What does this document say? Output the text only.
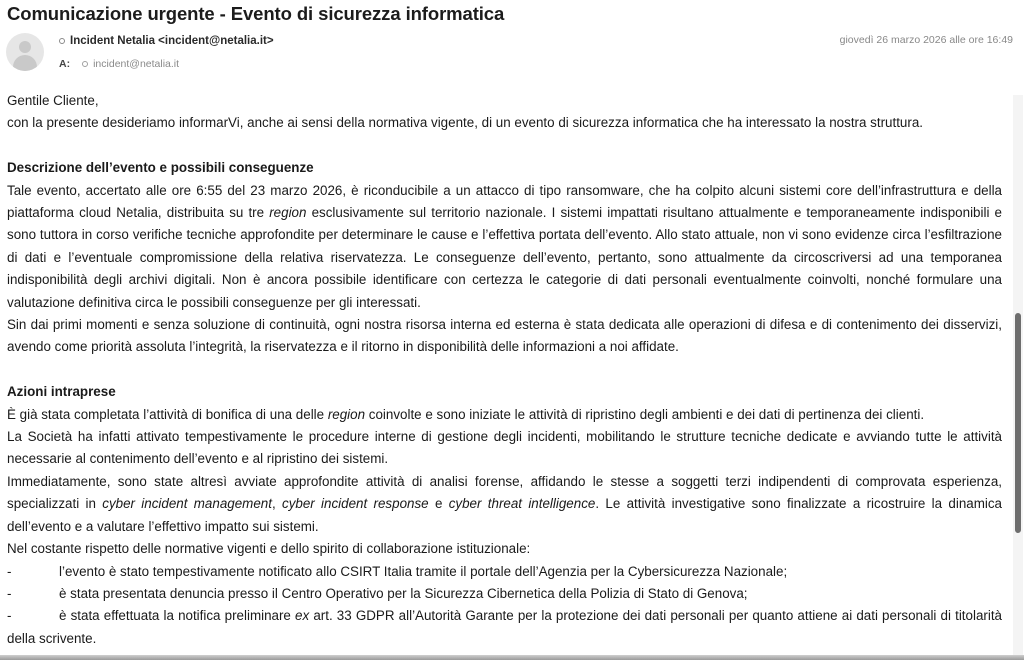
Comunicazione urgente - Evento di sicurezza informatica
Incident Netalia <incident@netalia.it>
A: incident@netalia.it
giovedì 26 marzo 2026 alle ore 16:49

Gentile Cliente,

con la presente desideriamo informarVi, anche ai sensi della normativa vigente, di un evento di sicurezza informatica che ha interessato la nostra struttura.

Descrizione dell’evento e possibili conseguenze

Tale evento, accertato alle ore 6:55 del 23 marzo 2026, è riconducibile a un attacco di tipo ransomware, che ha colpito alcuni sistemi core dell’infrastruttura e della piattaforma cloud Netalia, distribuita su tre region esclusivamente sul territorio nazionale. I sistemi impattati risultano attualmente e temporaneamente indisponibili e sono tuttora in corso verifiche tecniche approfondite per determinare le cause e l’effettiva portata dell’evento. Allo stato attuale, non vi sono evidenze circa l’esfiltrazione di dati e l’eventuale compromissione della relativa riservatezza. Le conseguenze dell’evento, pertanto, sono attualmente da circoscriversi ad una temporanea indisponibilità degli archivi digitali. Non è ancora possibile identificare con certezza le categorie di dati personali eventualmente coinvolti, nonché formulare una valutazione definitiva circa le possibili conseguenze per gli interessati.

Sin dai primi momenti e senza soluzione di continuità, ogni nostra risorsa interna ed esterna è stata dedicata alle operazioni di difesa e di contenimento dei disservizi, avendo come priorità assoluta l’integrità, la riservatezza e il ritorno in disponibilità delle informazioni a noi affidate.

Azioni intraprese

È già stata completata l’attività di bonifica di una delle region coinvolte e sono iniziate le attività di ripristino degli ambienti e dei dati di pertinenza dei clienti.

La Società ha infatti attivato tempestivamente le procedure interne di gestione degli incidenti, mobilitando le strutture tecniche dedicate e avviando tutte le attività necessarie al contenimento dell’evento e al ripristino dei sistemi.

Immediatamente, sono state altresì avviate approfondite attività di analisi forense, affidando le stesse a soggetti terzi indipendenti di comprovata esperienza, specializzati in cyber incident management, cyber incident response e cyber threat intelligence. Le attività investigative sono finalizzate a ricostruire la dinamica dell’evento e a valutare l’effettivo impatto sui sistemi.

Nel costante rispetto delle normative vigenti e dello spirito di collaborazione istituzionale:

-	l’evento è stato tempestivamente notificato allo CSIRT Italia tramite il portale dell’Agenzia per la Cybersicurezza Nazionale;
-	è stata presentata denuncia presso il Centro Operativo per la Sicurezza Cibernetica della Polizia di Stato di Genova;

-	è stata effettuata la notifica preliminare ex art. 33 GDPR all’Autorità Garante per la protezione dei dati personali per quanto attiene ai dati personali di titolarità della scrivente.
